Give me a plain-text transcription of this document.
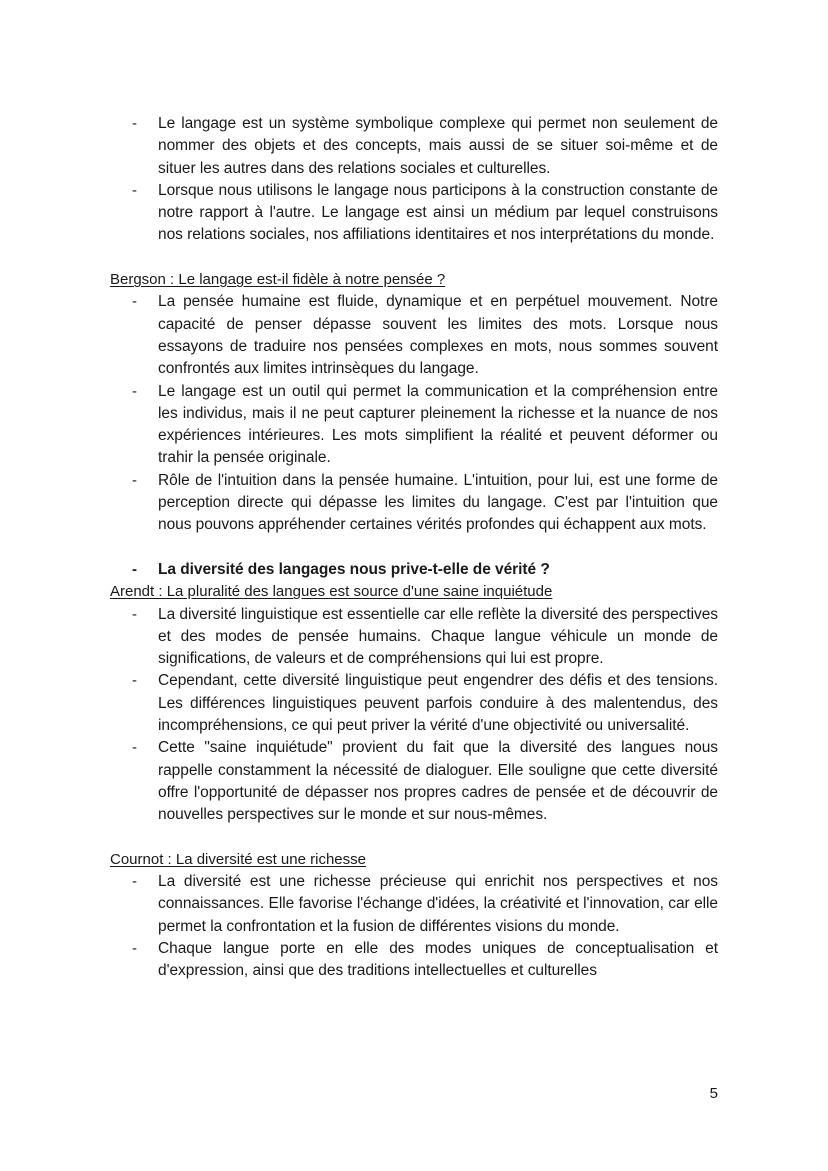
- Le langage est un système symbolique complexe qui permet non seulement de nommer des objets et des concepts, mais aussi de se situer soi-même et de situer les autres dans des relations sociales et culturelles.

- Lorsque nous utilisons le langage nous participons à la construction constante de notre rapport à l'autre. Le langage est ainsi un médium par lequel construisons nos relations sociales, nos affiliations identitaires et nos interprétations du monde.

Bergson : Le langage est-il fidèle à notre pensée ?

- La pensée humaine est fluide, dynamique et en perpétuel mouvement. Notre capacité de penser dépasse souvent les limites des mots. Lorsque nous essayons de traduire nos pensées complexes en mots, nous sommes souvent confrontés aux limites intrinsèques du langage.

- Le langage est un outil qui permet la communication et la compréhension entre les individus, mais il ne peut capturer pleinement la richesse et la nuance de nos expériences intérieures. Les mots simplifient la réalité et peuvent déformer ou trahir la pensée originale.

- Rôle de l'intuition dans la pensée humaine. L'intuition, pour lui, est une forme de perception directe qui dépasse les limites du langage. C'est par l'intuition que nous pouvons appréhender certaines vérités profondes qui échappent aux mots.

- La diversité des langages nous prive-t-elle de vérité ?

Arendt : La pluralité des langues est source d'une saine inquiétude

- La diversité linguistique est essentielle car elle reflète la diversité des perspectives et des modes de pensée humains. Chaque langue véhicule un monde de significations, de valeurs et de compréhensions qui lui est propre.

- Cependant, cette diversité linguistique peut engendrer des défis et des tensions. Les différences linguistiques peuvent parfois conduire à des malentendus, des incompréhensions, ce qui peut priver la vérité d'une objectivité ou universalité.

- Cette "saine inquiétude" provient du fait que la diversité des langues nous rappelle constamment la nécessité de dialoguer. Elle souligne que cette diversité offre l'opportunité de dépasser nos propres cadres de pensée et de découvrir de nouvelles perspectives sur le monde et sur nous-mêmes.

Cournot : La diversité est une richesse

- La diversité est une richesse précieuse qui enrichit nos perspectives et nos connaissances. Elle favorise l'échange d'idées, la créativité et l'innovation, car elle permet la confrontation et la fusion de différentes visions du monde.

- Chaque langue porte en elle des modes uniques de conceptualisation et d'expression, ainsi que des traditions intellectuelles et culturelles

5
